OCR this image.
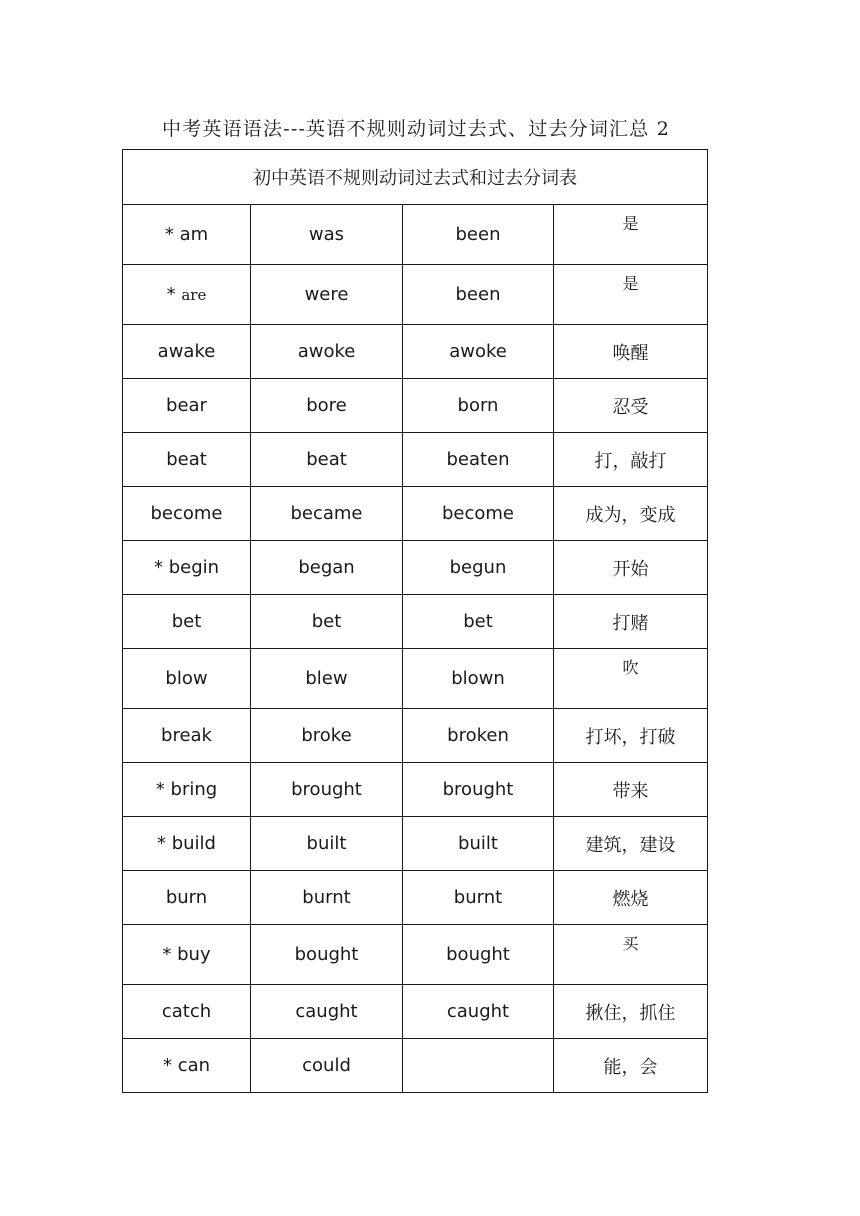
中考英语语法---英语不规则动词过去式、过去分词汇总 2
初中英语不规则动词过去式和过去分词表			
* am	was	been	是
* are	were	been	是
awake	awoke	awoke	唤醒
bear	bore	born	忍受
beat	beat	beaten	打，敲打
become	became	become	成为，变成
* begin	began	begun	开始
bet	bet	bet	打赌
blow	blew	blown	吹
break	broke	broken	打坏，打破
* bring	brought	brought	带来
* build	built	built	建筑，建设
burn	burnt	burnt	燃烧
* buy	bought	bought	买
catch	caught	caught	揪住，抓住
* can	could		能，会
